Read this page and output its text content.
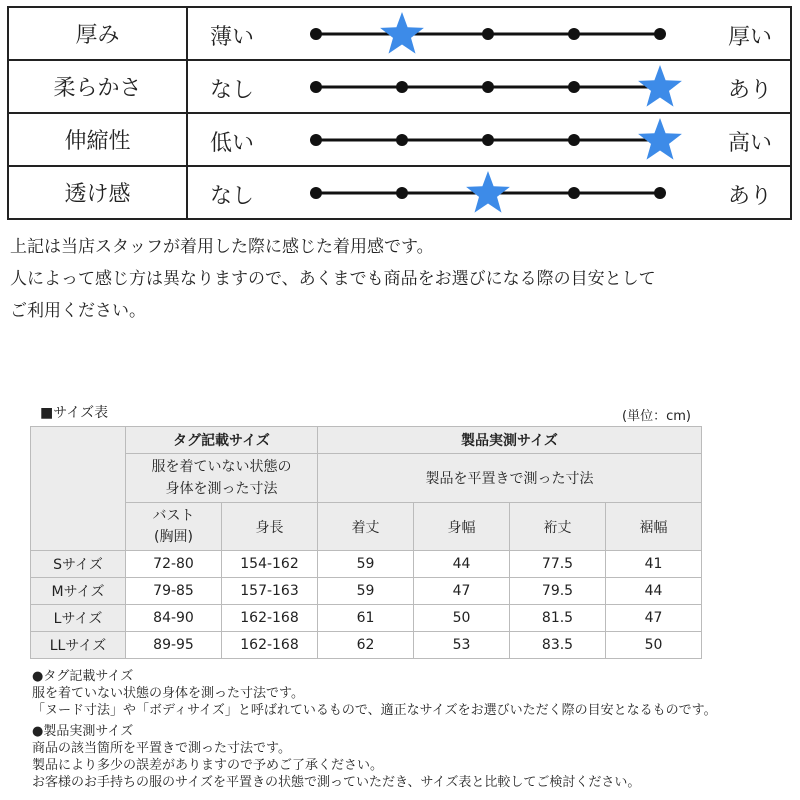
厚み	薄い 厚い

柔らかさ	なし あり

伸縮性	低い 高い

透け感	なし あり
上記は当店スタッフが着用した際に感じた着用感です。
人によって感じ方は異なりますので、あくまでも商品をお選びになる際の目安として
ご利用ください。
■サイズ表	(単位：cm)
	タグ記載サイズ		製品実測サイズ			

	服を着ていない状態の
身体を測った寸法		製品を平置きで測った寸法			

	バスト
(胸囲)	身長	着丈	身幅	裄丈	裾幅
Sサイズ	72-80	154-162	59	44	77.5	41
Mサイズ	79-85	157-163	59	47	79.5	44
Lサイズ	84-90	162-168	61	50	81.5	47
LLサイズ	89-95	162-168	62	53	83.5	50
●タグ記載サイズ
服を着ていない状態の身体を測った寸法です。
「ヌード寸法」や「ボディサイズ」と呼ばれているもので、適正なサイズをお選びいただく際の目安となるものです。
●製品実測サイズ
商品の該当箇所を平置きで測った寸法です。
製品により多少の誤差がありますので予めご了承ください。
お客様のお手持ちの服のサイズを平置きの状態で測っていただき、サイズ表と比較してご検討ください。
